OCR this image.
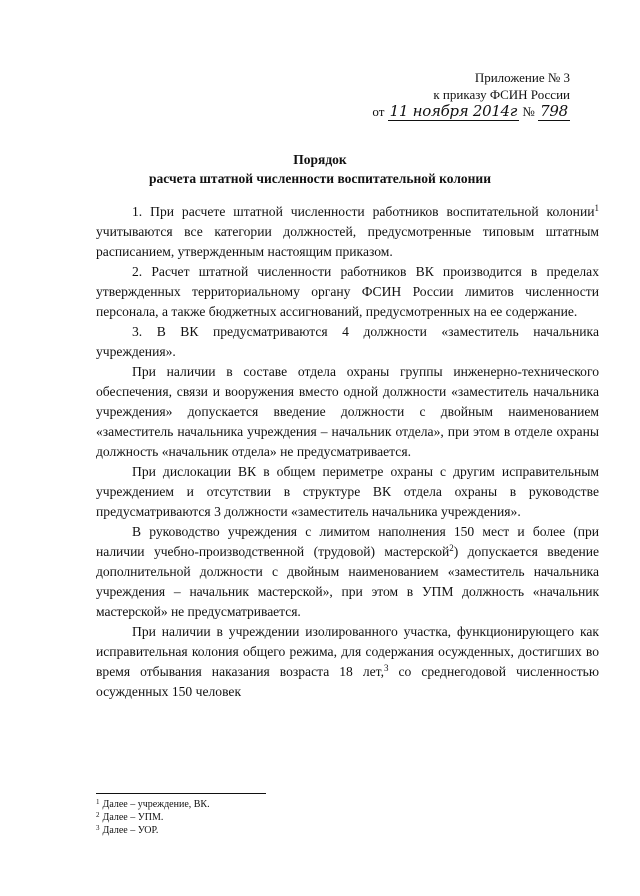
Приложение № 3
к приказу ФСИН России
от 11 ноября 2014г № 798
Порядок
расчета штатной численности воспитательной колонии

1. При расчете штатной численности работников воспитательной колонии$^1$ учитываются все категории должностей, предусмотренные типовым штатным расписанием, утвержденным настоящим приказом.

2. Расчет штатной численности работников ВК производится в пределах утвержденных территориальному органу ФСИН России лимитов численности персонала, а также бюджетных ассигнований, предусмотренных на ее содержание.

3. В ВК предусматриваются 4 должности «заместитель начальника учреждения».

При наличии в составе отдела охраны группы инженерно-технического обеспечения, связи и вооружения вместо одной должности «заместитель начальника учреждения» допускается введение должности с двойным наименованием «заместитель начальника учреждения – начальник отдела», при этом в отделе охраны должность «начальник отдела» не предусматривается.

При дислокации ВК в общем периметре охраны с другим исправительным учреждением и отсутствии в структуре ВК отдела охраны в руководстве предусматриваются 3 должности «заместитель начальника учреждения».

В руководство учреждения с лимитом наполнения 150 мест и более (при наличии учебно-производственной (трудовой) мастерской$^2$) допускается введение дополнительной должности с двойным наименованием «заместитель начальника учреждения – начальник мастерской», при этом в УПМ должность «начальник мастерской» не предусматривается.

При наличии в учреждении изолированного участка, функционирующего как исправительная колония общего режима, для содержания осужденных, достигших во время отбывания наказания возраста 18 лет,$^3$ со среднегодовой численностью осужденных 150 человек

$^1$ Далее – учреждение, ВК.
$^2$ Далее – УПМ.
$^3$ Далее – УОР.
